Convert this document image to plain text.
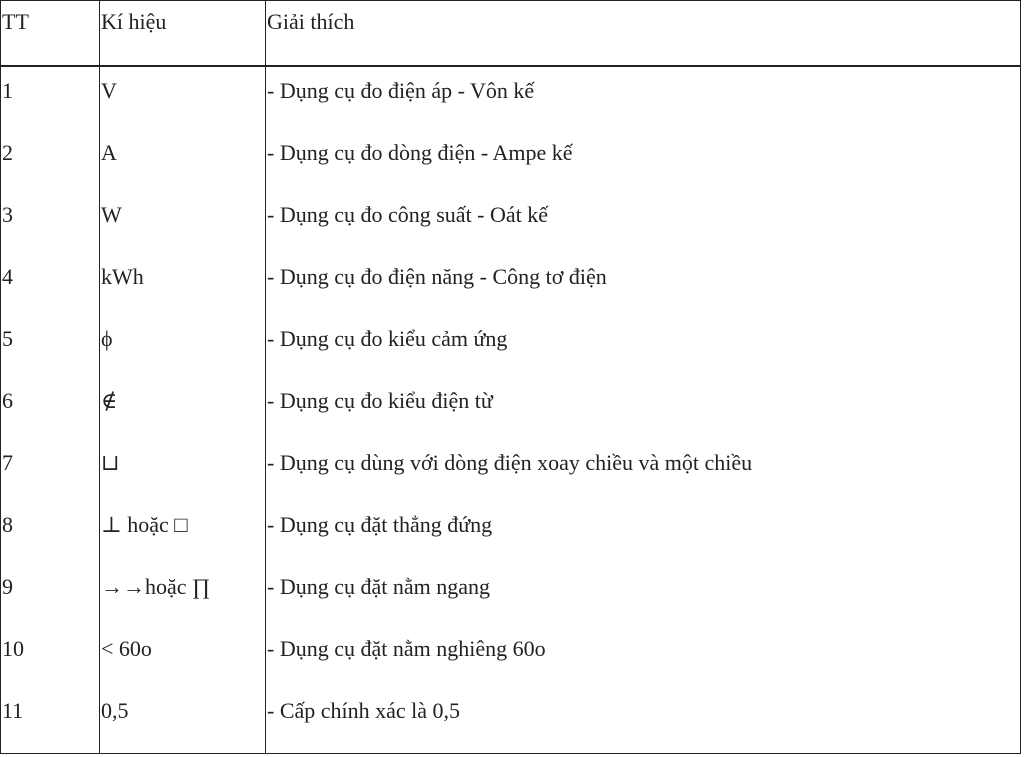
TT	Kí hiệu	Giải thích
1	V	- Dụng cụ đo điện áp - Vôn kế
2	A	- Dụng cụ đo dòng điện - Ampe kế
3	W	- Dụng cụ đo công suất - Oát kế
4	kWh	- Dụng cụ đo điện năng - Công tơ điện
5	ϕ	- Dụng cụ đo kiểu cảm ứng
6	∉	- Dụng cụ đo kiểu điện từ
7	⊔	- Dụng cụ dùng với dòng điện xoay chiều và một chiều
8	⊥ hoặc □	- Dụng cụ đặt thẳng đứng
9	→→hoặc ∏	- Dụng cụ đặt nằm ngang
10	< 60o	- Dụng cụ đặt nằm nghiêng 60o
11	0,5	- Cấp chính xác là 0,5
